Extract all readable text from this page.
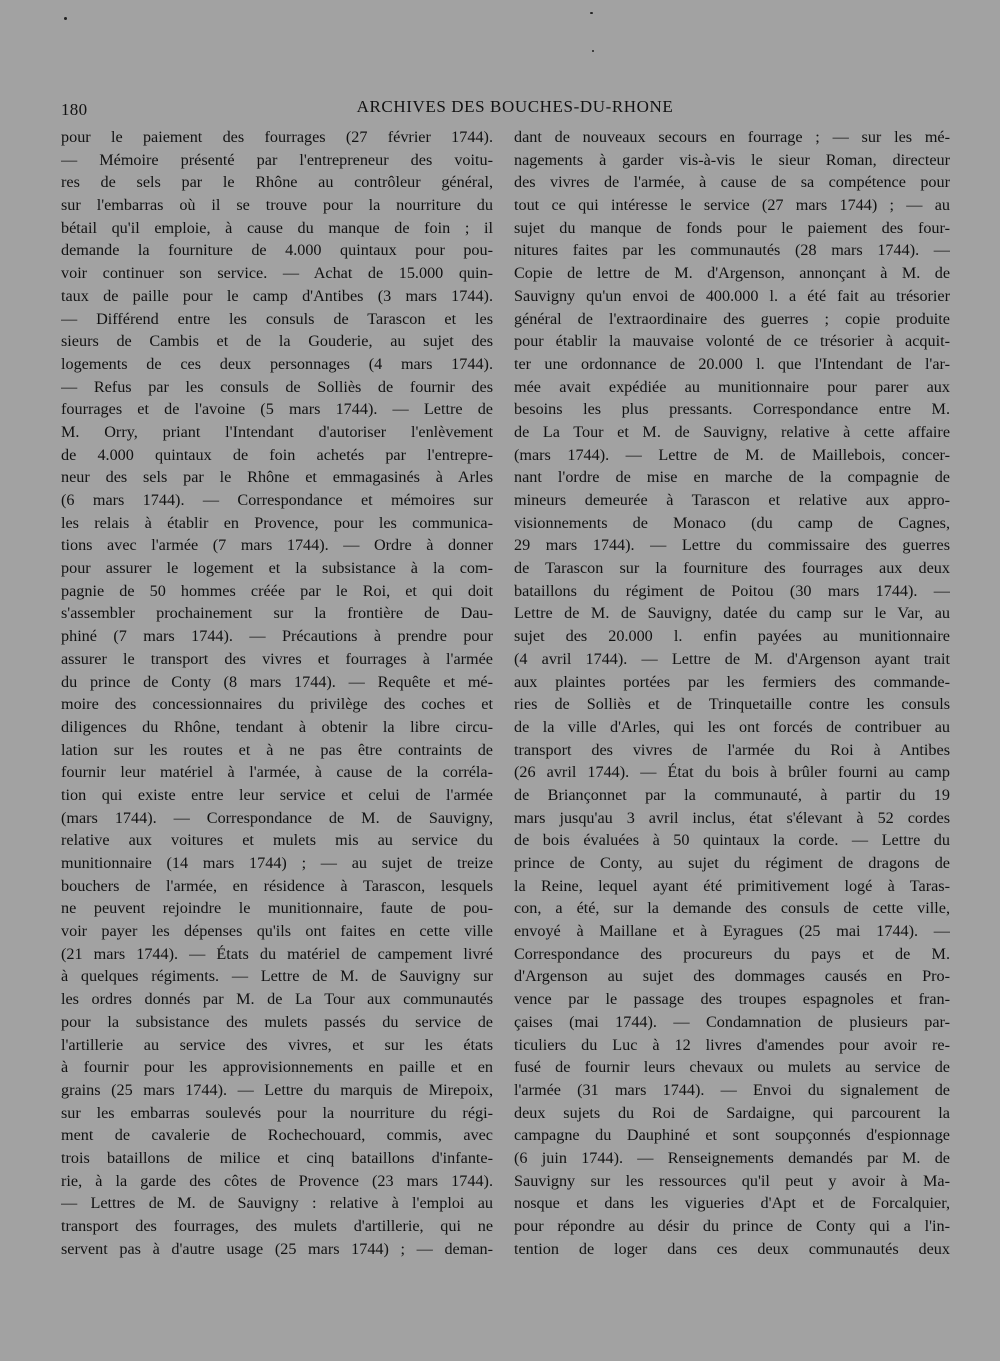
180	ARCHIVES DES BOUCHES-DU-RHONE
pour le paiement des fourrages (27 février 1744).
— Mémoire présenté par l'entrepreneur des voitu-
res de sels par le Rhône au contrôleur général,
sur l'embarras où il se trouve pour la nourriture du
bétail qu'il emploie, à cause du manque de foin ; il
demande la fourniture de 4.000 quintaux pour pou-
voir continuer son service. — Achat de 15.000 quin-
taux de paille pour le camp d'Antibes (3 mars 1744).
— Différend entre les consuls de Tarascon et les
sieurs de Cambis et de la Gouderie, au sujet des
logements de ces deux personnages (4 mars 1744).
— Refus par les consuls de Solliès de fournir des
fourrages et de l'avoine (5 mars 1744). — Lettre de
M. Orry, priant l'Intendant d'autoriser l'enlèvement
de 4.000 quintaux de foin achetés par l'entrepre-
neur des sels par le Rhône et emmagasinés à Arles
(6 mars 1744). — Correspondance et mémoires sur
les relais à établir en Provence, pour les communica-
tions avec l'armée (7 mars 1744). — Ordre à donner
pour assurer le logement et la subsistance à la com-
pagnie de 50 hommes créée par le Roi, et qui doit
s'assembler prochainement sur la frontière de Dau-
phiné (7 mars 1744). — Précautions à prendre pour
assurer le transport des vivres et fourrages à l'armée
du prince de Conty (8 mars 1744). — Requête et mé-
moire des concessionnaires du privilège des coches et
diligences du Rhône, tendant à obtenir la libre circu-
lation sur les routes et à ne pas être contraints de
fournir leur matériel à l'armée, à cause de la corréla-
tion qui existe entre leur service et celui de l'armée
(mars 1744). — Correspondance de M. de Sauvigny,
relative aux voitures et mulets mis au service du
munitionnaire (14 mars 1744) ; — au sujet de treize
bouchers de l'armée, en résidence à Tarascon, lesquels
ne peuvent rejoindre le munitionnaire, faute de pou-
voir payer les dépenses qu'ils ont faites en cette ville
(21 mars 1744). — États du matériel de campement livré
à quelques régiments. — Lettre de M. de Sauvigny sur
les ordres donnés par M. de La Tour aux communautés
pour la subsistance des mulets passés du service de
l'artillerie au service des vivres, et sur les états
à fournir pour les approvisionnements en paille et en
grains (25 mars 1744). — Lettre du marquis de Mirepoix,
sur les embarras soulevés pour la nourriture du régi-
ment de cavalerie de Rochechouard, commis, avec
trois bataillons de milice et cinq bataillons d'infante-
rie, à la garde des côtes de Provence (23 mars 1744).
— Lettres de M. de Sauvigny : relative à l'emploi au
transport des fourrages, des mulets d'artillerie, qui ne
servent pas à d'autre usage (25 mars 1744) ; — deman-
dant de nouveaux secours en fourrage ; — sur les mé-
nagements à garder vis-à-vis le sieur Roman, directeur
des vivres de l'armée, à cause de sa compétence pour
tout ce qui intéresse le service (27 mars 1744) ; — au
sujet du manque de fonds pour le paiement des four-
nitures faites par les communautés (28 mars 1744). —
Copie de lettre de M. d'Argenson, annonçant à M. de
Sauvigny qu'un envoi de 400.000 l. a été fait au trésorier
général de l'extraordinaire des guerres ; copie produite
pour établir la mauvaise volonté de ce trésorier à acquit-
ter une ordonnance de 20.000 l. que l'Intendant de l'ar-
mée avait expédiée au munitionnaire pour parer aux
besoins les plus pressants. Correspondance entre M.
de La Tour et M. de Sauvigny, relative à cette affaire
(mars 1744). — Lettre de M. de Maillebois, concer-
nant l'ordre de mise en marche de la compagnie de
mineurs demeurée à Tarascon et relative aux appro-
visionnements de Monaco (du camp de Cagnes,
29 mars 1744). — Lettre du commissaire des guerres
de Tarascon sur la fourniture des fourrages aux deux
bataillons du régiment de Poitou (30 mars 1744). —
Lettre de M. de Sauvigny, datée du camp sur le Var, au
sujet des 20.000 l. enfin payées au munitionnaire
(4 avril 1744). — Lettre de M. d'Argenson ayant trait
aux plaintes portées par les fermiers des commande-
ries de Solliès et de Trinquetaille contre les consuls
de la ville d'Arles, qui les ont forcés de contribuer au
transport des vivres de l'armée du Roi à Antibes
(26 avril 1744). — État du bois à brûler fourni au camp
de Briançonnet par la communauté, à partir du 19
mars jusqu'au 3 avril inclus, état s'élevant à 52 cordes
de bois évaluées à 50 quintaux la corde. — Lettre du
prince de Conty, au sujet du régiment de dragons de
la Reine, lequel ayant été primitivement logé à Taras-
con, a été, sur la demande des consuls de cette ville,
envoyé à Maillane et à Eyragues (25 mai 1744). —
Correspondance des procureurs du pays et de M.
d'Argenson au sujet des dommages causés en Pro-
vence par le passage des troupes espagnoles et fran-
çaises (mai 1744). — Condamnation de plusieurs par-
ticuliers du Luc à 12 livres d'amendes pour avoir re-
fusé de fournir leurs chevaux ou mulets au service de
l'armée (31 mars 1744). — Envoi du signalement de
deux sujets du Roi de Sardaigne, qui parcourent la
campagne du Dauphiné et sont soupçonnés d'espionnage
(6 juin 1744). — Renseignements demandés par M. de
Sauvigny sur les ressources qu'il peut y avoir à Ma-
nosque et dans les vigueries d'Apt et de Forcalquier,
pour répondre au désir du prince de Conty qui a l'in-
tention de loger dans ces deux communautés deux
